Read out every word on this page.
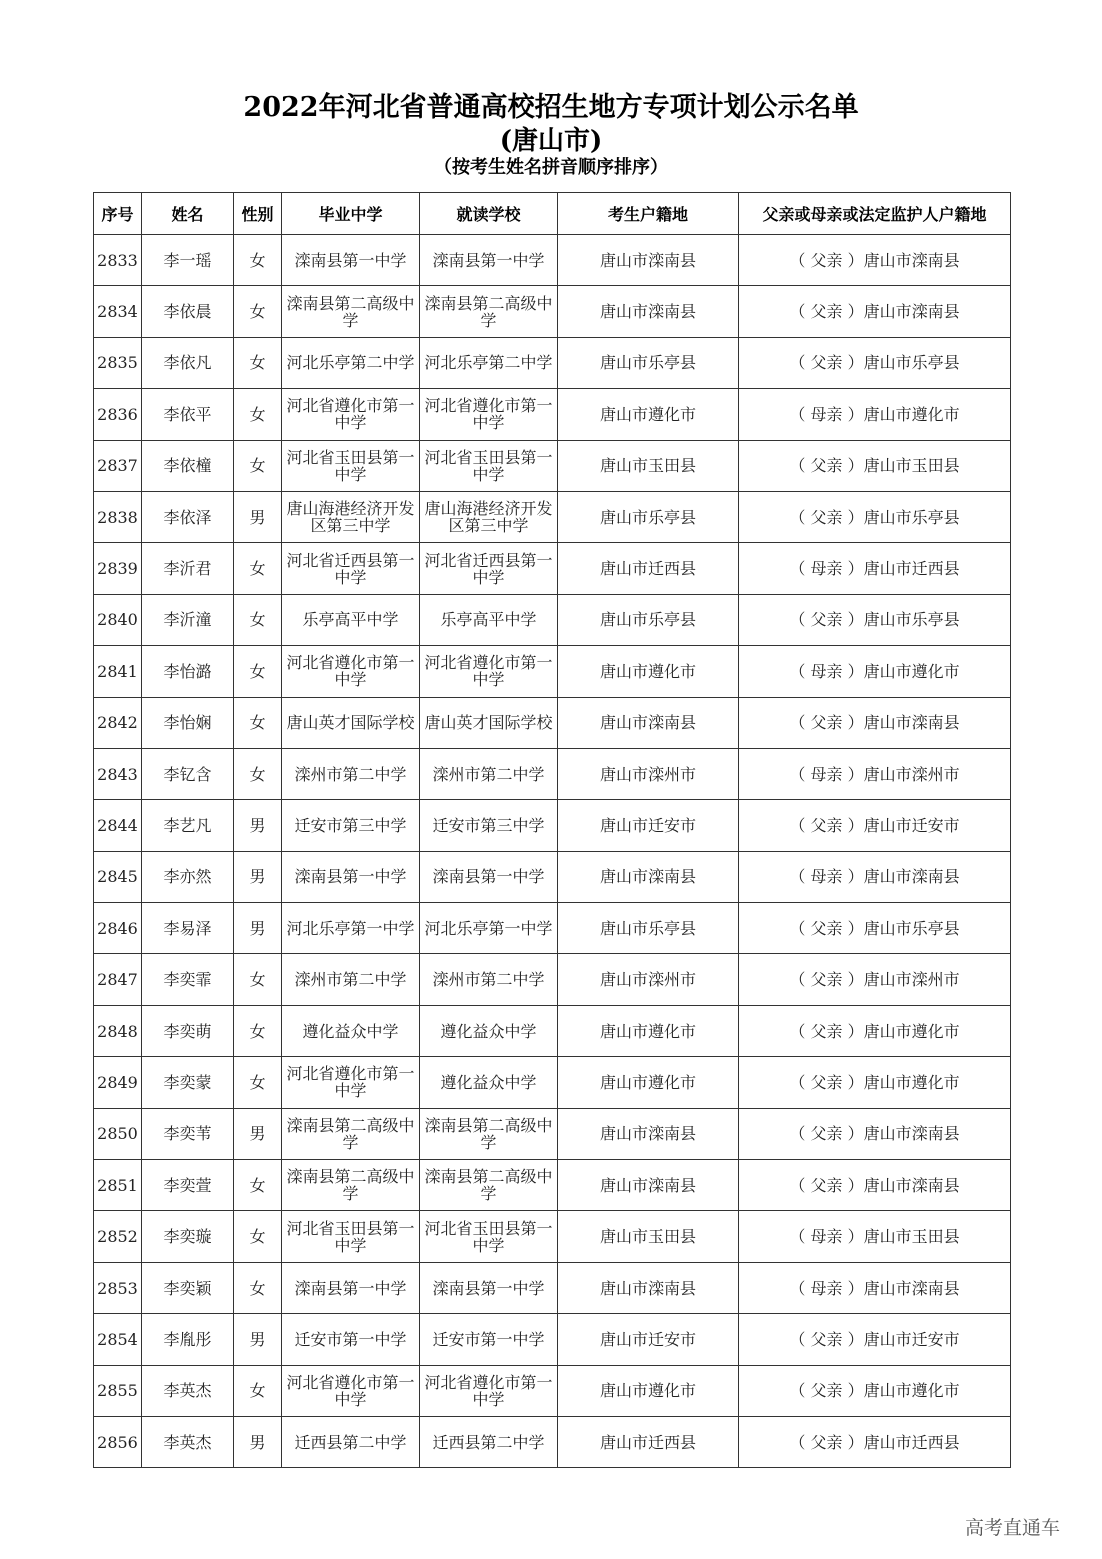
2022年河北省普通高校招生地方专项计划公示名单
(唐山市)
（按考生姓名拼音顺序排序）
序号	姓名	性别	毕业中学	就读学校	考生户籍地	父亲或母亲或法定监护人户籍地
2833	李一瑶	女	滦南县第一中学	滦南县第一中学	唐山市滦南县	（ 父亲 ）唐山市滦南县
2834	李依晨	女	滦南县第二高级中学	滦南县第二高级中学	唐山市滦南县	（ 父亲 ）唐山市滦南县
2835	李依凡	女	河北乐亭第二中学	河北乐亭第二中学	唐山市乐亭县	（ 父亲 ）唐山市乐亭县
2836	李依平	女	河北省遵化市第一中学	河北省遵化市第一中学	唐山市遵化市	（ 母亲 ）唐山市遵化市
2837	李依橦	女	河北省玉田县第一中学	河北省玉田县第一中学	唐山市玉田县	（ 父亲 ）唐山市玉田县
2838	李依泽	男	唐山海港经济开发区第三中学	唐山海港经济开发区第三中学	唐山市乐亭县	（ 父亲 ）唐山市乐亭县
2839	李沂君	女	河北省迁西县第一中学	河北省迁西县第一中学	唐山市迁西县	（ 母亲 ）唐山市迁西县
2840	李沂潼	女	乐亭高平中学	乐亭高平中学	唐山市乐亭县	（ 父亲 ）唐山市乐亭县
2841	李怡潞	女	河北省遵化市第一中学	河北省遵化市第一中学	唐山市遵化市	（ 母亲 ）唐山市遵化市
2842	李怡娴	女	唐山英才国际学校	唐山英才国际学校	唐山市滦南县	（ 父亲 ）唐山市滦南县
2843	李钇含	女	滦州市第二中学	滦州市第二中学	唐山市滦州市	（ 母亲 ）唐山市滦州市
2844	李艺凡	男	迁安市第三中学	迁安市第三中学	唐山市迁安市	（ 父亲 ）唐山市迁安市
2845	李亦然	男	滦南县第一中学	滦南县第一中学	唐山市滦南县	（ 母亲 ）唐山市滦南县
2846	李易泽	男	河北乐亭第一中学	河北乐亭第一中学	唐山市乐亭县	（ 父亲 ）唐山市乐亭县
2847	李奕霏	女	滦州市第二中学	滦州市第二中学	唐山市滦州市	（ 父亲 ）唐山市滦州市
2848	李奕萌	女	遵化益众中学	遵化益众中学	唐山市遵化市	（ 父亲 ）唐山市遵化市
2849	李奕蒙	女	河北省遵化市第一中学	遵化益众中学	唐山市遵化市	（ 父亲 ）唐山市遵化市
2850	李奕苇	男	滦南县第二高级中学	滦南县第二高级中学	唐山市滦南县	（ 父亲 ）唐山市滦南县
2851	李奕萱	女	滦南县第二高级中学	滦南县第二高级中学	唐山市滦南县	（ 父亲 ）唐山市滦南县
2852	李奕璇	女	河北省玉田县第一中学	河北省玉田县第一中学	唐山市玉田县	（ 母亲 ）唐山市玉田县
2853	李奕颖	女	滦南县第一中学	滦南县第一中学	唐山市滦南县	（ 母亲 ）唐山市滦南县
2854	李胤彤	男	迁安市第一中学	迁安市第一中学	唐山市迁安市	（ 父亲 ）唐山市迁安市
2855	李英杰	女	河北省遵化市第一中学	河北省遵化市第一中学	唐山市遵化市	（ 父亲 ）唐山市遵化市
2856	李英杰	男	迁西县第二中学	迁西县第二中学	唐山市迁西县	（ 父亲 ）唐山市迁西县
高考直通车
